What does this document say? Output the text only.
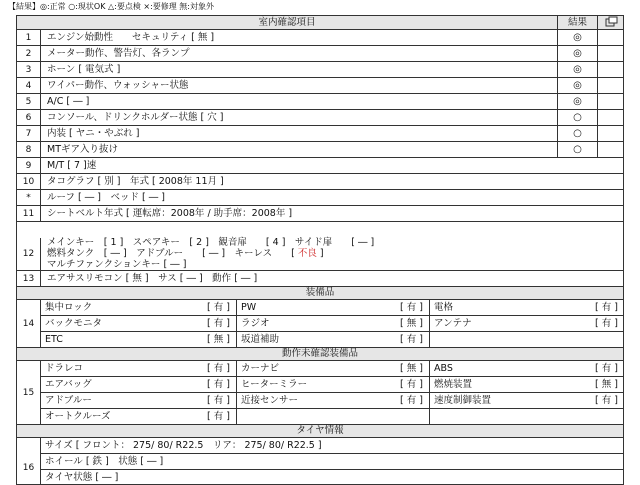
【結果】◎:正常 ○:現状OK △:要点検 ×:要修理 無:対象外
室内確認項目	結果
1	エンジン始動性　　セキュリティ [ 無 ]	◎
2	メーター動作、警告灯、各ランプ	◎
3	ホーン [ 電気式 ]	◎
4	ワイパー動作、ウォッシャー状態	◎
5	A/C [ ― ]	◎
6	コンソール、ドリンクホルダー状態 [ 穴 ]	○
7	内装 [ ヤニ・やぶれ ]	○
8	MTギア入り抜け	○
9	M/T [ 7 ]速
10	タコグラフ [ 別 ]　年式 [ 2008年 11月 ]
*	ルーフ [ ― ]　ベッド [ ― ]
11	シートベルト年式 [ 運転席：2008年 / 助手席：2008年 ]
12
メインキー　[ 1 ]　スペアキー　[ 2 ]　観音扉　　[ 4 ]　サイド扉　　[ ― ]
燃料タンク　[ ― ]　アドブルー　　[ ― ]　キーレス　　[ 不良 ]
マルチファンクションキー [ ― ]
13	エアサスリモコン [ 無 ]　サス [ ― ]　動作 [ ― ]
装備品
14
集中ロック	[ 有 ] PW	[ 有 ] 電格	[ 有 ]
バックモニタ	[ 有 ] ラジオ	[ 無 ] アンテナ	[ 有 ]
ETC	[ 無 ] 坂道補助	[ 有 ]
動作未確認装備品
15
ドラレコ	[ 有 ] カーナビ	[ 無 ] ABS	[ 有 ]
エアバッグ	[ 有 ] ヒーターミラー	[ 有 ] 燃焼装置	[ 無 ]
アドブルー	[ 有 ] 近接センサー	[ 有 ] 速度制御装置	[ 有 ]
オートクルーズ	[ 有 ]
タイヤ情報
16
サイズ [ フロント： 275/ 80/ R22.5　リア： 275/ 80/ R22.5 ]
ホイール [ 鉄 ]　状態 [ ― ]
タイヤ状態 [ ― ]
